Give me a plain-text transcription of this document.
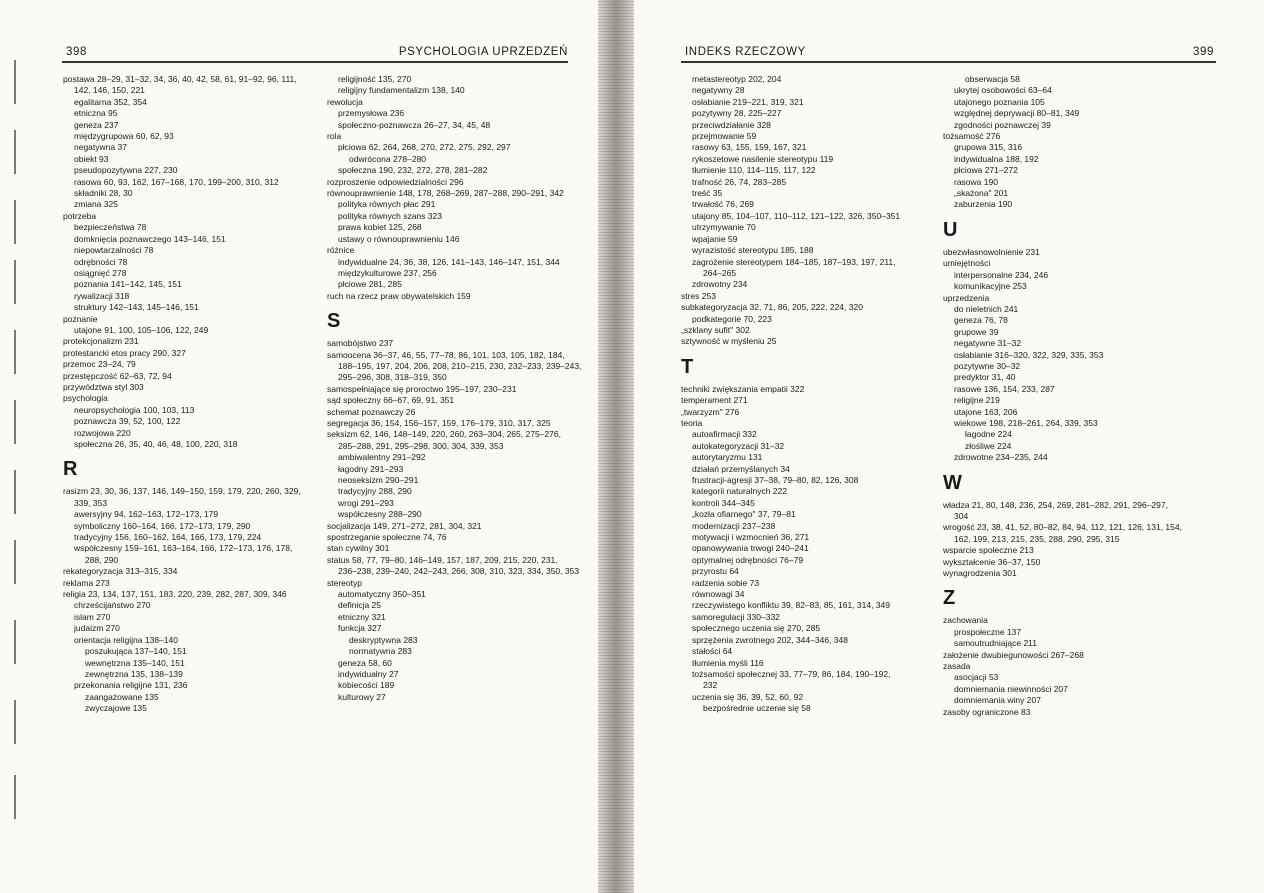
398	PSYCHOLOGIA UPRZEDZEŃ
postawa 28–29, 31–32, 34, 36, 40, 42, 58, 61, 91–92, 96, 111,
142, 146, 150, 221
egalitarna 352, 354
etniczna 95
geneza 237
międzygrupowa 60, 62, 93
negatywna 37
obiekt 93
pseudopozytywna 227, 230
rasowa 60, 93, 162, 167–168, 170, 199–200, 310, 312
składniki 28, 30
zmiana 325
potrzeba
bezpieczeństwa 78
domknięcia poznawczego 143–146, 151
niepowtarzalności 78
odrębności 78
osiągnięć 278
poznania 141–142, 145, 151
rywalizacji 318
struktury 142–143, 145–146, 151
poznanie
utajone 91, 100, 105–106, 122, 249
protekcjonalizm 231
protestancki etos pracy 290, 327
przemoc 23–24, 79
przestępczość 62–63, 72, 94
przywództwa styl 303
psychologia
neuropsychologia 100, 103, 113
poznawcza 39, 52, 100, 122
rozwojowa 220
społeczna 26, 35, 40, 46, 48, 100, 220, 318
R
rasizm 23, 30, 36, 137, 146, 149–150, 159, 179, 220, 260, 329,
339, 353
awersyjny 94, 162–163, 172–173, 179
symboliczny 160–164, 166, 172–173, 179, 290
tradycyjny 156, 160–162, 164, 166, 173, 179, 224
współczesny 159–161, 163–164, 166, 172–173, 176, 178,
288, 290
rekategoryzacja 313–315, 334
reklama 273
religia 23, 134, 137, 151, 183, 220, 239, 282, 287, 309, 346
chrześcijaństwo 270
islam 270
judaizm 270
orientacja religijna 138–140
poszukująca 137–140, 151
wewnętrzna 135–140, 151
zewnętrzna 135, 138–139
przekonania religijne 131, 236
zaangażowane 135
zwyczajowe 135
religijność 135, 270
religijny fundamentalizm 138, 140
rewolucja
przemysłowa 236
społeczno-poznawcza 26–27, 34, 45, 48
rola
płciowa 62, 264, 268, 270, 272, 275, 292, 297
odwrócona 278–280
społeczna 190, 232, 272, 278, 281–282
rozproszenie odpowiedzialności 296
równouprawnienie 148, 178, 268–269, 287–288, 290–291, 342
polityka równych płac 291
polityka równych szans 323
prawa kobiet 125, 268
ustawy o równouprawnieniu 146
różnice
indywidualne 24, 36, 38, 126, 141–143, 146–147, 151, 344
międzykulturowe 237, 256
płciowe 281, 285
ruch na rzecz praw obywatelskich 159
S
samobójstwo 237
samoocena 36–37, 46, 55, 77–78, 86, 101, 103, 105, 182, 184,
188–195, 197, 204, 206, 208, 210–215, 230, 232–233, 239–243, 295–296, 308, 318–319, 350
samospełniające się proroctwo 195–197, 230–231
sąd społeczny 66–67, 69, 91, 351
schemat poznawczy 26
segregacja 36, 154, 156–157, 159, 176–179, 310, 317, 325
seksizm 62, 146, 148–149, 220, 260, 263–304, 265, 275–276,
285–288, 291, 295–298, 300, 304, 339, 353
ambiwalentny 291–292
łagodny 291–293
neoseksizm 290–291
tradycyjny 288, 290
wrogi 291–293
współczesny 288–290
socjalizacja 149, 271–272, 281, 304, 321
spostrzeganie społeczne 74, 76
stan cywilny 301
status 58, 77, 79–80, 146–149, 157, 187, 209, 215, 220, 231,
236–238, 239–240, 242–243, 266, 308, 310, 323, 334, 350, 353
stereotyp
automatyczny 350–351
definicja 25
etniczny 321
funkcja 327
deskryptywna 283
normatywna 283
geneza 58, 60
indywidualny 27
kobiecości 189
kulturowy 27
INDEKS RZECZOWY	399
metastereotyp 202, 204
negatywny 28
osłabianie 219–221, 319, 321
pozytywny 28, 225–227
przeciwdziałanie 328
przejmowanie 59
rasowy 63, 155, 159, 167, 321
rykoszetowe nasilenie stereotypu 119
tłumienie 110, 114–115, 117, 122
trafność 26, 74, 283–285
treść 35
trwałość 76, 269
utajony 85, 104–107, 110–112, 121–122, 326, 350–351
utrzymywanie 70
wpajanie 59
wyrazistość stereotypu 185, 188
zagrożenie stereotypem 184–185, 187–193, 197, 211,
264–265
zdrowotny 234
stres 253
subkategoryzacja 32, 71, 86, 205, 222, 224, 320
podkategorie 70, 223
„szklany sufit" 302
sztywność w myśleniu 25
T
techniki zwiększania empatii 322
temperament 271
„twarzyzm" 276
teoria
autoafirmacji 332
autokategoryzacji 31–32
autorytaryzmu 131
działań przemyślanych 34
frustracji-agresji 37–38, 79–80, 82, 126, 308
kategorii naturalnych 222
kontroli 344–345
„kozła ofiarnego" 37, 79–81
modernizacji 237–238
motywacji i wzmocnień 36, 271
opanowywania trwogi 240–241
optymalnej odrębności 76–79
przyrostu 64
radzenia sobie 73
równowagi 34
rzeczywistego konfliktu 39, 82–83, 85, 161, 314, 349
samoregulacji 330–332
społecznego uczenia się 270, 285
sprzężenia zwrotnego 202, 344–346, 348
stałości 64
tłumienia myśli 116
tożsamości społecznej 33, 77–79, 86, 184, 190–192,
232
uczenia się 36, 39, 52, 60, 92
bezpośrednie uczenie się 58
obserwacja 58
ukrytej osobowości 63–64
utajonego poznania 105
względnej deprywacji 80–81, 349
zgodności poznawczej 39
tożsamość 276
grupowa 315, 316
indywidualna 188, 192
płciowa 271–272
rasowa 190
„skażona" 201
zaburzenia 190
U
ubezwłasnowolnienie 231
umiejętności
interpersonalne 234, 246
komunikacyjne 253
uprzedzenia
do nieletnich 241
geneza 76, 78
grupowe 39
negatywne 31–32
osłabianie 316–320, 322, 329, 335, 353
pozytywne 30–32
predyktor 31, 40
rasowe 136, 154, 233, 287
religijne 219
utajone 163, 206
wiekowe 198, 218–261, 264, 339, 353
łagodne 224
złośliwe 224
zdrowotne 234–235, 244
W
władza 21, 80, 148, 236, 254, 269, 281–282, 291, 296–297,
304
wrogość 23, 38, 41, 52, 80–82, 84, 94, 112, 121, 126, 131, 154,
162, 199, 213, 215, 235, 288, 290, 295, 315
wsparcie społeczne 213
wykształcenie 36–37, 150
wynagrodzenia 301
Z
zachowania
prospołeczne 137
samoutrudniające 211
założenie dwubiegunowości 267–268
zasada
asocjacji 53
domniemania niewinności 207
domniemania winy 207
zasoby ograniczone 83
